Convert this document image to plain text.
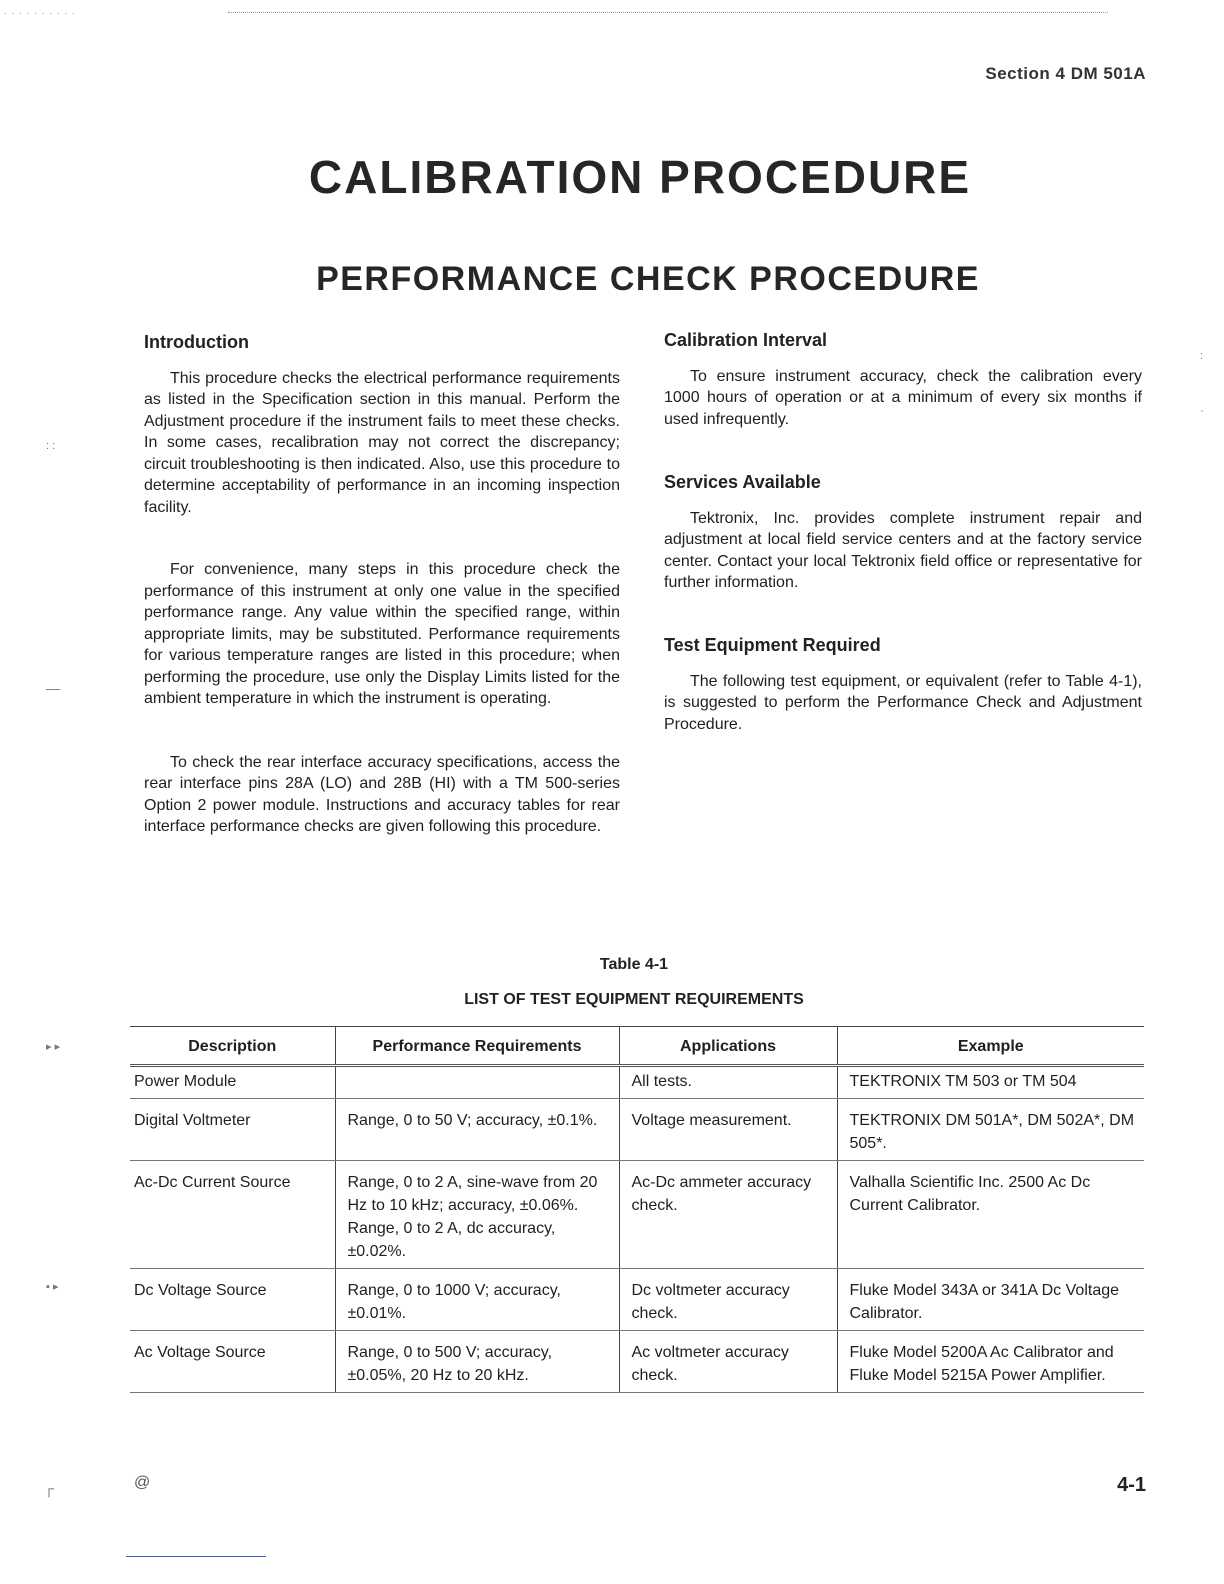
. . . . . . . . . .
Section 4 DM 501A
CALIBRATION PROCEDURE
PERFORMANCE CHECK PROCEDURE
Introduction

This procedure checks the electrical performance requirements as listed in the Specification section in this manual. Perform the Adjustment procedure if the instrument fails to meet these checks. In some cases, recalibration may not correct the discrepancy; circuit troubleshooting is then indicated. Also, use this procedure to determine acceptability of performance in an incoming inspection facility.

For convenience, many steps in this procedure check the performance of this instrument at only one value in the specified performance range. Any value within the specified range, within appropriate limits, may be substituted. Performance requirements for various temperature ranges are listed in this procedure; when performing the procedure, use only the Display Limits listed for the ambient temperature in which the instrument is operating.

To check the rear interface accuracy specifications, access the rear interface pins 28A (LO) and 28B (HI) with a TM 500-series Option 2 power module. Instructions and accuracy tables for rear interface performance checks are given following this procedure.

Calibration Interval

To ensure instrument accuracy, check the calibration every 1000 hours of operation or at a minimum of every six months if used infrequently.

Services Available

Tektronix, Inc. provides complete instrument repair and adjustment at local field service centers and at the factory service center. Contact your local Tektronix field office or representative for further information.

Test Equipment Required

The following test equipment, or equivalent (refer to Table 4-1), is suggested to perform the Performance Check and Adjustment Procedure.

Table 4-1
LIST OF TEST EQUIPMENT REQUIREMENTS
Description	Performance Requirements	Applications	Example
Power Module		All tests.	TEKTRONIX TM 503 or TM 504
Digital Voltmeter	Range, 0 to 50 V; accuracy, ±0.1%.	Voltage measurement.	TEKTRONIX DM 501A*, DM 502A*, DM 505*.
Ac-Dc Current Source	Range, 0 to 2 A, sine-wave from 20 Hz to 10 kHz; accuracy, ±0.06%. Range, 0 to 2 A, dc accuracy, ±0.02%.	Ac-Dc ammeter accuracy check.	Valhalla Scientific Inc. 2500 Ac Dc Current Calibrator.
Dc Voltage Source	Range, 0 to 1000 V; accuracy, ±0.01%.	Dc voltmeter accuracy check.	Fluke Model 343A or 341A Dc Voltage Calibrator.
Ac Voltage Source	Range, 0 to 500 V; accuracy, ±0.05%, 20 Hz to 20 kHz.	Ac voltmeter accuracy check.	Fluke Model 5200A Ac Calibrator and Fluke Model 5215A Power Amplifier.
@	4-1
: :
—
▸ ▸
▪ ▸
┌
:
·
